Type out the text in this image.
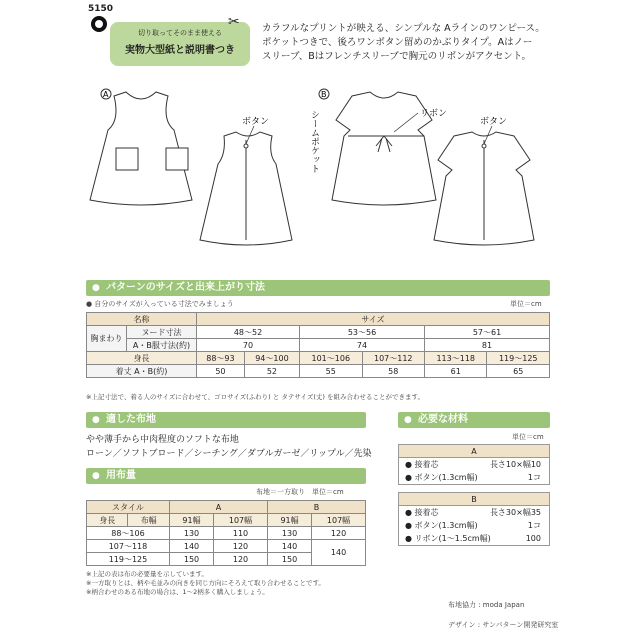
5150
切り取ってそのまま使える
実物大型紙と説明書つき
✂ カラフルなプリントが映える、シンプルな Aラインのワンピース。
ポケットつきで、後ろワンボタン留めのかぶりタイプ。Aはノー
スリーブ、Bはフレンチスリーブで胸元のリボンがアクセント。
A	B
ボタン
リボン
ボタン
シームポケット
● パターンのサイズと出来上がり寸法
● 自分のサイズが入っている寸法でみましょう	単位＝cm
名称		サイズ					
胸まわり	ヌード寸法	48〜52		53〜56		57〜61	
	A・B服寸法(約)	70		74		81	
身長		88〜93	94〜100	101〜106	107〜112	113〜118	119〜125
着丈 A・B(約)		50	52	55	58	61	65
※上記寸法で、着る人のサイズに合わせて、ゴロサイズ(ふわり) と タテサイズ(丈) を組み合わせることができます。
● 適した布地
やや薄手から中肉程度のソフトな布地
ローン／ソフトブロード／シーチング／ダブルガーゼ／リップル／先染
● 用布量
布地＝一方取り　単位＝cm
スタイル		A		B	
身長	布幅	91幅	107幅	91幅	107幅
88〜106		130	110	130	120
107〜118		140	120	140	140
119〜125		150	120	150	
※上記の表は布の必要量を示しています。
※一方取りとは、柄や毛並みの向きを同じ方向にそろえて取り合わせることです。
※柄合わせのある布地の場合は、1〜2柄多く購入しましょう。
● 必要な材料
単位＝cm
A
● 接着芯	長さ10×幅10
● ボタン(1.3cm幅)	1コ
B
● 接着芯	長さ30×幅35
● ボタン(1.3cm幅)	1コ
● リボン(1〜1.5cm幅)	100
布地協力 : moda Japan
デザイン : サンパターン開発研究室
